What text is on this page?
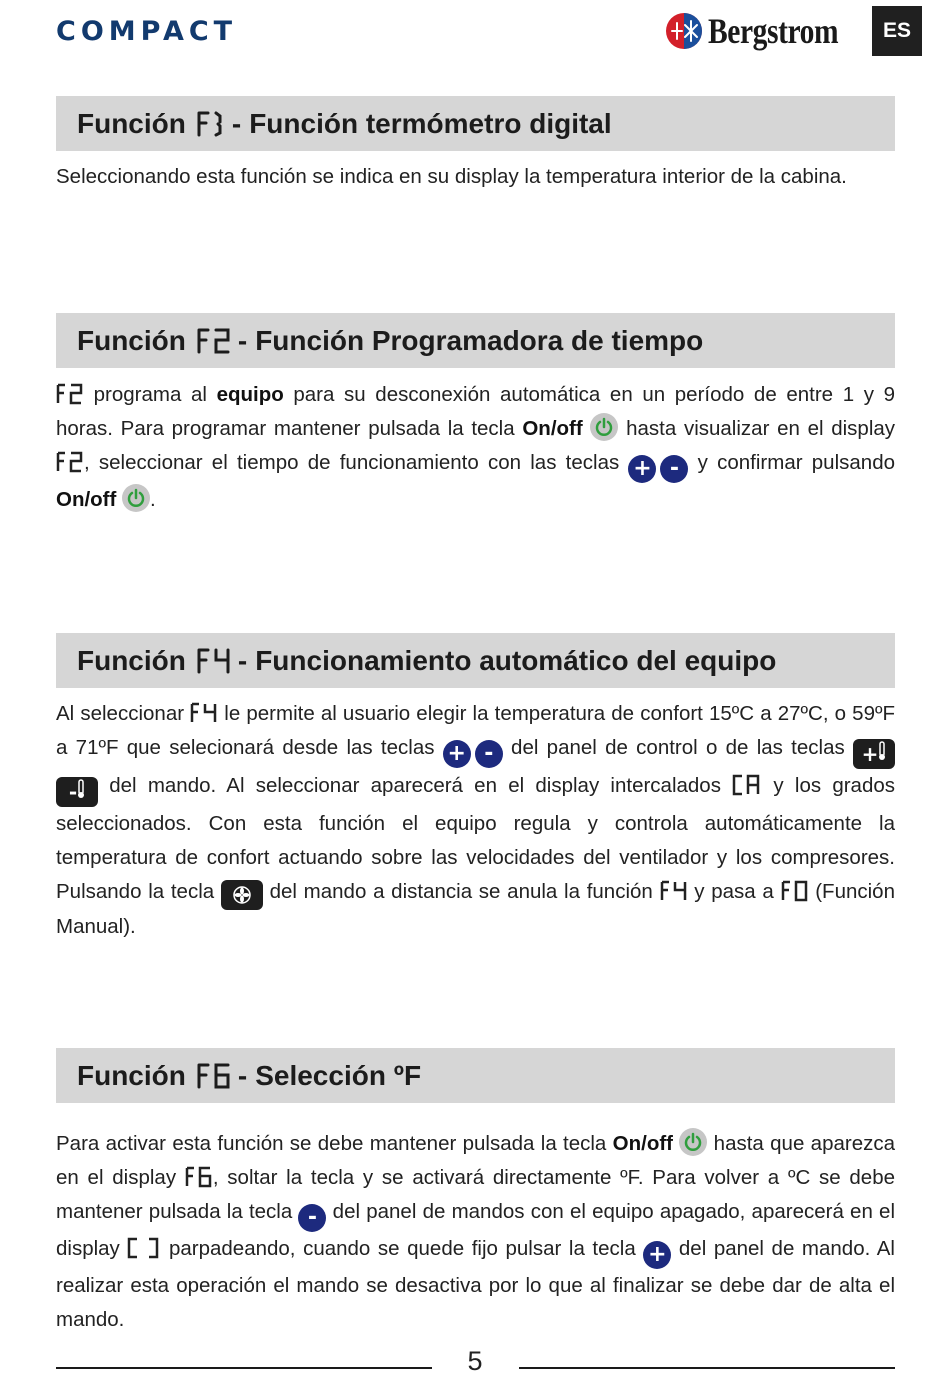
COMPACT	Bergstrom	ES
Función - Función termómetro digital
Seleccionando esta función se indica en su display la temperatura interior de la cabina.
Función - Función Programadora de tiempo
programa al equipo para su desconexión automática en un período de entre 1 y 9 horas. Para programar mantener pulsada la tecla On/off hasta visualizar en el display , seleccionar el tiempo de funcionamiento con las teclas + - y confirmar pulsando On/off .
Función - Funcionamiento automático del equipo
Al seleccionar le permite al usuario elegir la temperatura de confort 15ºC a 27ºC, o 59ºF a 71ºF que selecionará desde las teclas + - del panel de control o de las teclas + - del mando. Al seleccionar aparecerá en el display intercalados	y los grados seleccionados. Con esta función el equipo regula y controla automáticamente la temperatura de confort actuando sobre las velocidades del ventilador y los compresores. Pulsando la tecla	del mando a distancia se anula la función y pasa a (Función Manual).
Función - Selección ºF
Para activar esta función se debe mantener pulsada la tecla On/off hasta que aparezca en el display , soltar la tecla y se activará directamente ºF. Para volver a ºC se debe mantener pulsada la tecla - del panel de mandos con el equipo apagado, aparecerá en el display parpadeando, cuando se quede fijo pulsar la tecla + del panel de mando. Al realizar esta operación el mando se desactiva por lo que al finalizar se debe dar de alta el mando.
5
